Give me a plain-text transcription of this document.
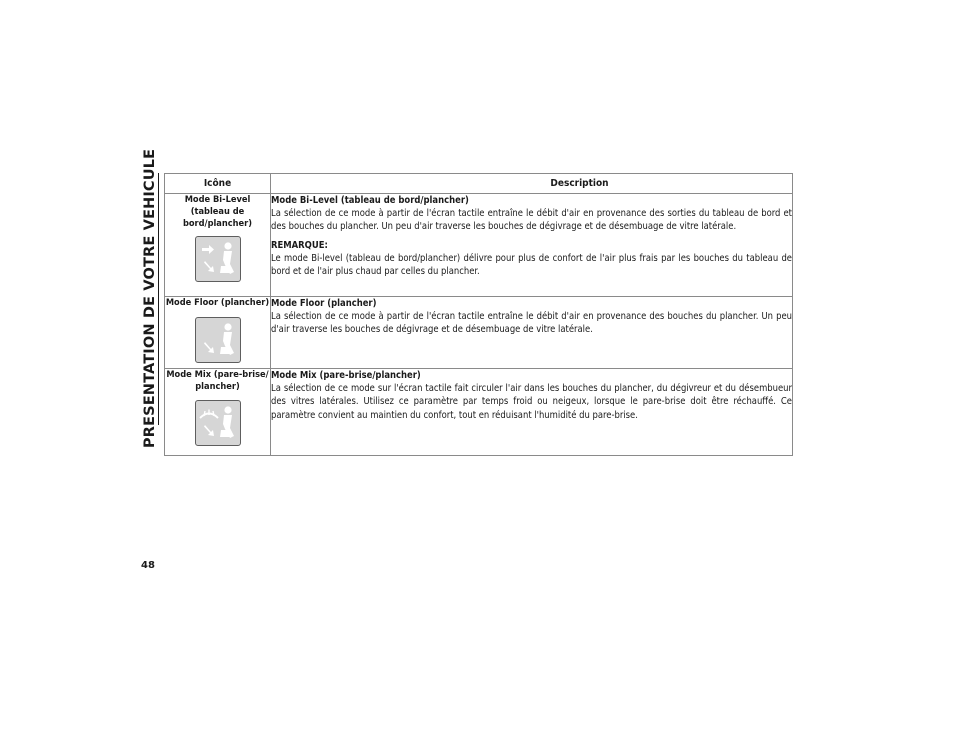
PRESENTATION DE VOTRE VEHICULE	Icône	Description

Mode Bi-Level (tableau de bord/plancher)	Mode Bi-Level (tableau de bord/plancher)
La sélection de ce mode à partir de l'écran tactile entraîne le débit d'air en provenance des sorties du tableau de bord et des bouches du plancher. Un peu d'air traverse les bouches de dégivrage et de désembuage de vitre latérale.
REMARQUE:
Le mode Bi-level (tableau de bord/plancher) délivre pour plus de confort de l'air plus frais par les bouches du tableau de bord et de l'air plus chaud par celles du plancher.

Mode Floor (plancher)	Mode Floor (plancher)
La sélection de ce mode à partir de l'écran tactile entraîne le débit d'air en provenance des bouches du plancher. Un peu d'air traverse les bouches de dégivrage et de désembuage de vitre latérale.

Mode Mix (pare-brise/ plancher)	Mode Mix (pare-brise/plancher)
La sélection de ce mode sur l'écran tactile fait circuler l'air dans les bouches du plancher, du dégivreur et du désembueur des vitres latérales. Utilisez ce paramètre par temps froid ou neigeux, lorsque le pare-brise doit être réchauffé. Ce paramètre convient au maintien du confort, tout en réduisant l'humidité du pare-brise.
48
